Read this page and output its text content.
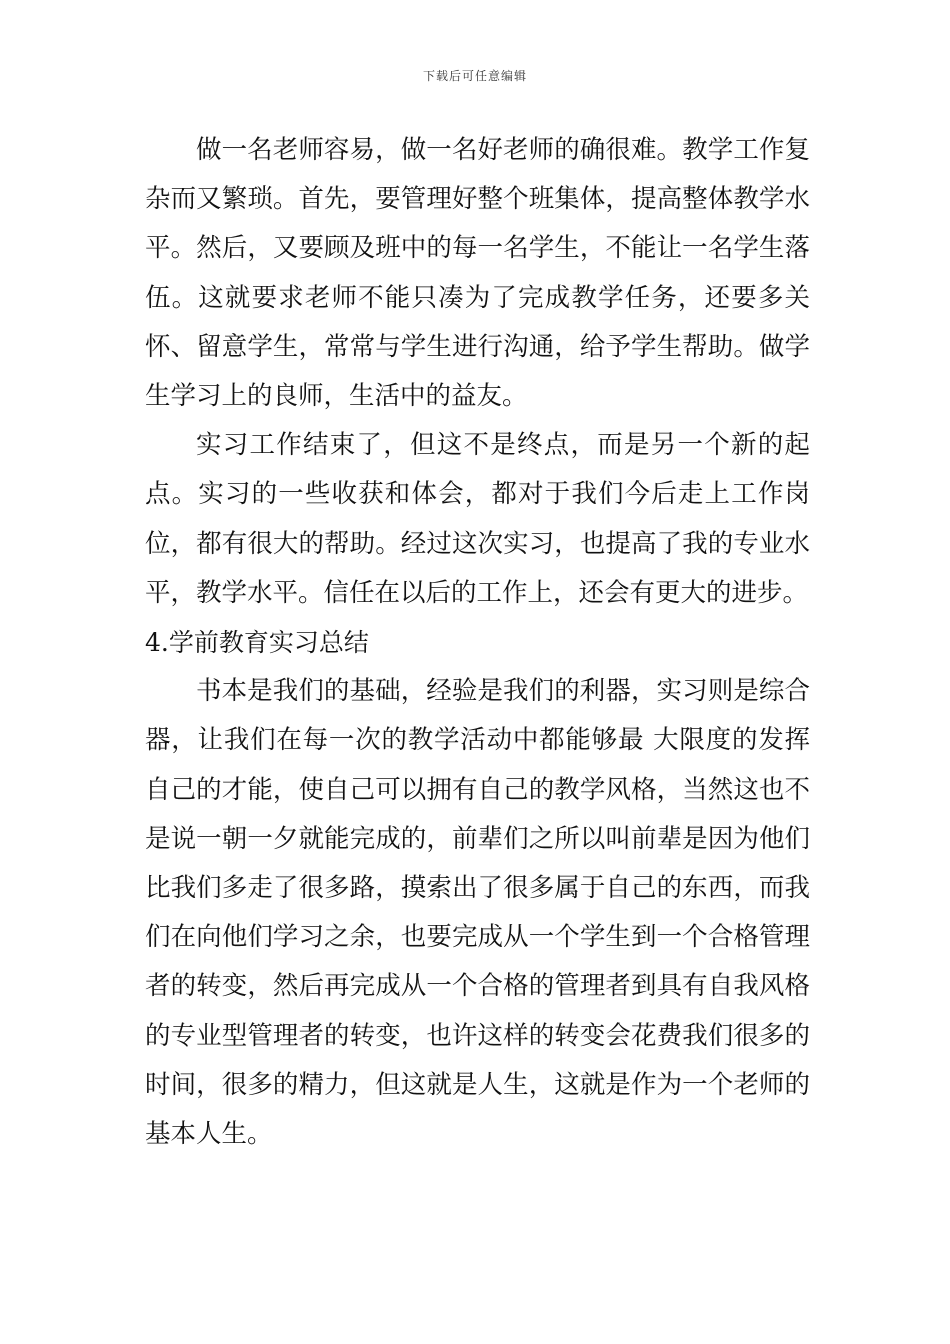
下载后可任意编辑

做一名老师容易，做一名好老师的确很难。教学工作复杂而又繁琐。首先，要管理好整个班集体，提高整体教学水平。然后，又要顾及班中的每一名学生，不能让一名学生落伍。这就要求老师不能只凑为了完成教学任务，还要多关怀、留意学生，常常与学生进行沟通，给予学生帮助。做学生学习上的良师，生活中的益友。

实习工作结束了，但这不是终点，而是另一个新的起点。实习的一些收获和体会，都对于我们今后走上工作岗位，都有很大的帮助。经过这次实习，也提高了我的专业水平，教学水平。信任在以后的工作上，还会有更大的进步。

4.学前教育实习总结

书本是我们的基础，经验是我们的利器，实习则是综合器，让我们在每一次的教学活动中都能够最 大限度的发挥自己的才能，使自己可以拥有自己的教学风格，当然这也不是说一朝一夕就能完成的，前辈们之所以叫前辈是因为他们比我们多走了很多路，摸索出了很多属于自己的东西，而我们在向他们学习之余，也要完成从一个学生到一个合格管理者的转变，然后再完成从一个合格的管理者到具有自我风格的专业型管理者的转变，也许这样的转变会花费我们很多的时间，很多的精力，但这就是人生，这就是作为一个老师的基本人生。
